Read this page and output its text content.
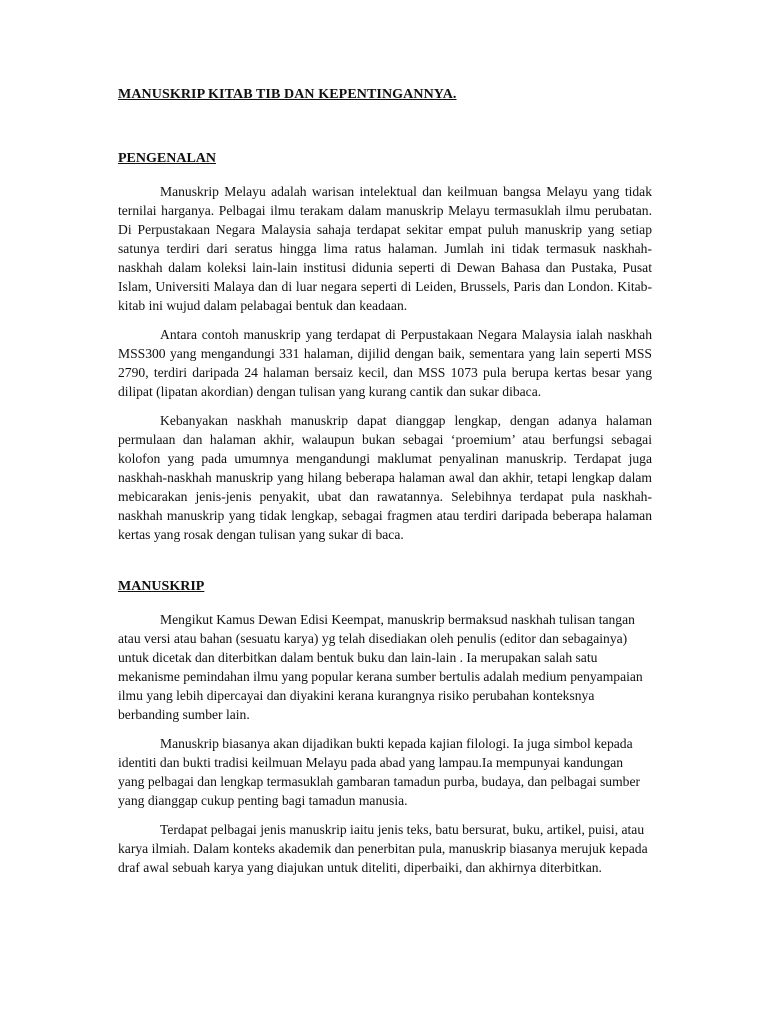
MANUSKRIP KITAB TIB DAN KEPENTINGANNYA.
PENGENALAN

Manuskrip Melayu adalah warisan intelektual dan keilmuan bangsa Melayu yang tidak ternilai harganya. Pelbagai ilmu terakam dalam manuskrip Melayu termasuklah ilmu perubatan. Di Perpustakaan Negara Malaysia sahaja terdapat sekitar empat puluh manuskrip yang setiap satunya terdiri dari seratus hingga lima ratus halaman. Jumlah ini tidak termasuk naskhah-naskhah dalam koleksi lain-lain institusi didunia seperti di Dewan Bahasa dan Pustaka, Pusat Islam, Universiti Malaya dan di luar negara seperti di Leiden, Brussels, Paris dan London. Kitab-kitab ini wujud dalam pelabagai bentuk dan keadaan.

Antara contoh manuskrip yang terdapat di Perpustakaan Negara Malaysia ialah naskhah MSS300 yang mengandungi 331 halaman, dijilid dengan baik, sementara yang lain seperti MSS 2790, terdiri daripada 24 halaman bersaiz kecil, dan MSS 1073 pula berupa kertas besar yang dilipat (lipatan akordian) dengan tulisan yang kurang cantik dan sukar dibaca.

Kebanyakan naskhah manuskrip dapat dianggap lengkap, dengan adanya halaman permulaan dan halaman akhir, walaupun bukan sebagai ‘proemium’ atau berfungsi sebagai kolofon yang pada umumnya mengandungi maklumat penyalinan manuskrip. Terdapat juga naskhah-naskhah manuskrip yang hilang beberapa halaman awal dan akhir, tetapi lengkap dalam mebicarakan jenis-jenis penyakit, ubat dan rawatannya. Selebihnya terdapat pula naskhah-naskhah manuskrip yang tidak lengkap, sebagai fragmen atau terdiri daripada beberapa halaman kertas yang rosak dengan tulisan yang sukar di baca.

MANUSKRIP

Mengikut Kamus Dewan Edisi Keempat, manuskrip bermaksud naskhah tulisan tangan atau versi atau bahan (sesuatu karya) yg telah disediakan oleh penulis (editor dan sebagainya) untuk dicetak dan diterbitkan dalam bentuk buku dan lain-lain . Ia merupakan salah satu mekanisme pemindahan ilmu yang popular kerana sumber bertulis adalah medium penyampaian ilmu yang lebih dipercayai dan diyakini kerana kurangnya risiko perubahan konteksnya berbanding sumber lain.

Manuskrip biasanya akan dijadikan bukti kepada kajian filologi. Ia juga simbol kepada identiti dan bukti tradisi keilmuan Melayu pada abad yang lampau.Ia mempunyai kandungan yang pelbagai dan lengkap termasuklah gambaran tamadun purba, budaya, dan pelbagai sumber yang dianggap cukup penting bagi tamadun manusia.

Terdapat pelbagai jenis manuskrip iaitu jenis teks, batu bersurat, buku, artikel, puisi, atau karya ilmiah. Dalam konteks akademik dan penerbitan pula, manuskrip biasanya merujuk kepada draf awal sebuah karya yang diajukan untuk diteliti, diperbaiki, dan akhirnya diterbitkan.
